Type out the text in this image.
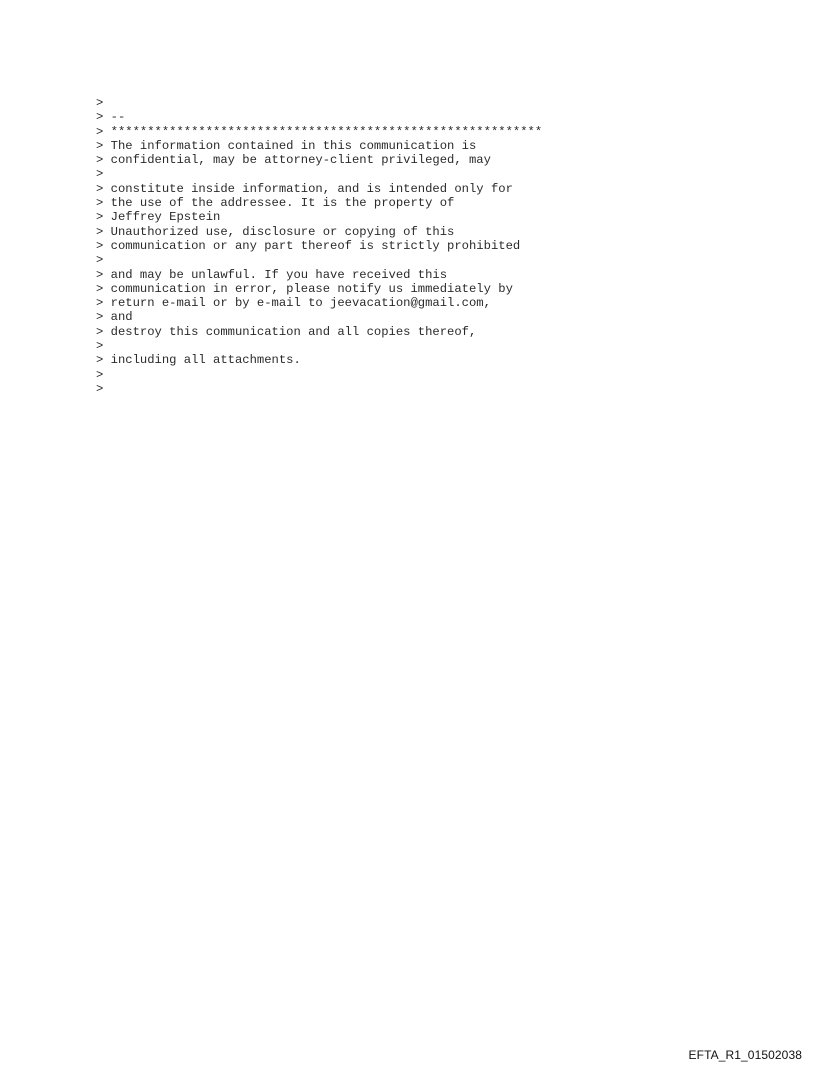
>
> --
> ***********************************************************
> The information contained in this communication is
> confidential, may be attorney-client privileged, may
>
> constitute inside information, and is intended only for
> the use of the addressee. It is the property of
> Jeffrey Epstein
> Unauthorized use, disclosure or copying of this
> communication or any part thereof is strictly prohibited
>
> and may be unlawful. If you have received this
> communication in error, please notify us immediately by
> return e-mail or by e-mail to jeevacation@gmail.com,
> and
> destroy this communication and all copies thereof,
>
> including all attachments.
>
>
EFTA_R1_01502038
